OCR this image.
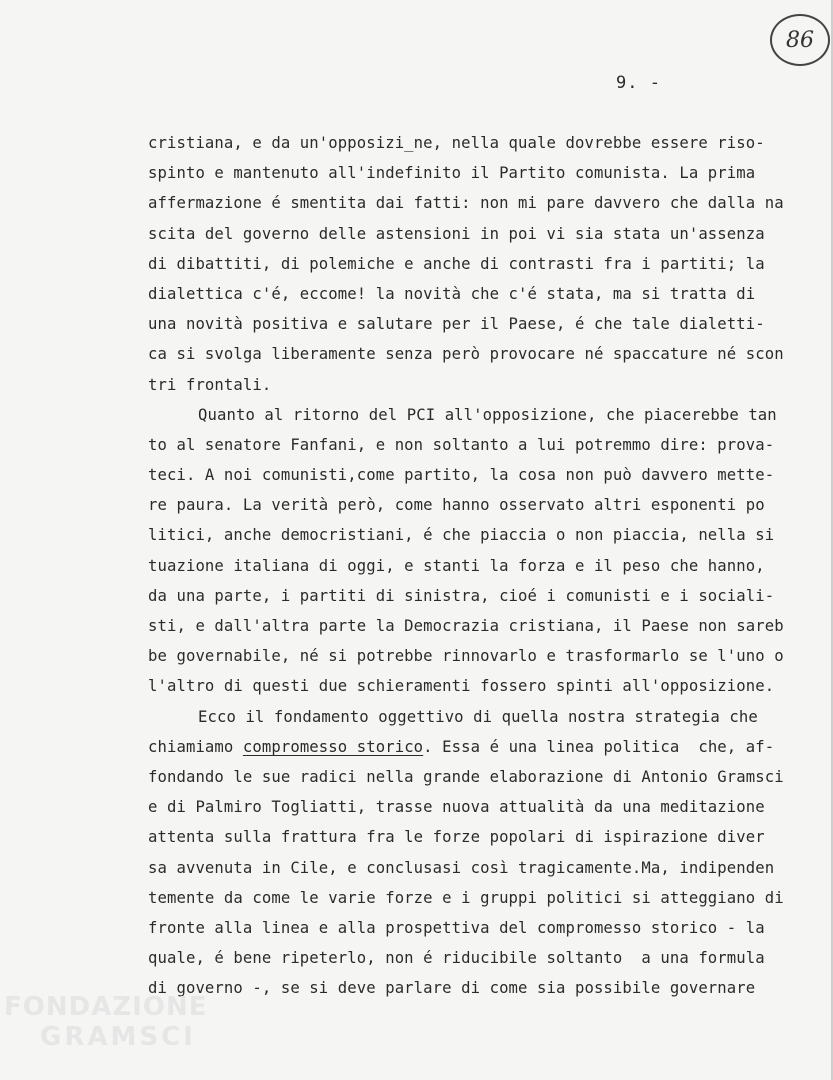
86
9. -
cristiana, e da un'opposizi_ne, nella quale dovrebbe essere riso-
spinto e mantenuto all'indefinito il Partito comunista. La prima
affermazione é smentita dai fatti: non mi pare davvero che dalla na
scita del governo delle astensioni in poi vi sia stata un'assenza
di dibattiti, di polemiche e anche di contrasti fra i partiti; la
dialettica c'é, eccome! la novità che c'é stata, ma si tratta di
una novità positiva e salutare per il Paese, é che tale dialetti-
ca si svolga liberamente senza però provocare né spaccature né scon
tri frontali.
Quanto al ritorno del PCI all'opposizione, che piacerebbe tan
to al senatore Fanfani, e non soltanto a lui potremmo dire: prova-
teci. A noi comunisti,come partito, la cosa non può davvero mette-
re paura. La verità però, come hanno osservato altri esponenti po
litici, anche democristiani, é che piaccia o non piaccia, nella si
tuazione italiana di oggi, e stanti la forza e il peso che hanno,
da una parte, i partiti di sinistra, cioé i comunisti e i sociali-
sti, e dall'altra parte la Democrazia cristiana, il Paese non sareb
be governabile, né si potrebbe rinnovarlo e trasformarlo se l'uno o
l'altro di questi due schieramenti fossero spinti all'opposizione.
Ecco il fondamento oggettivo di quella nostra strategia che
chiamiamo compromesso storico. Essa é una linea politica  che, af-
fondando le sue radici nella grande elaborazione di Antonio Gramsci
e di Palmiro Togliatti, trasse nuova attualità da una meditazione
attenta sulla frattura fra le forze popolari di ispirazione diver
sa avvenuta in Cile, e conclusasi così tragicamente.Ma, indipenden
temente da come le varie forze e i gruppi politici si atteggiano di
fronte alla linea e alla prospettiva del compromesso storico - la
quale, é bene ripeterlo, non é riducibile soltanto  a una formula
di governo -, se si deve parlare di come sia possibile governare
FONDAZIONE
GRAMSCI
